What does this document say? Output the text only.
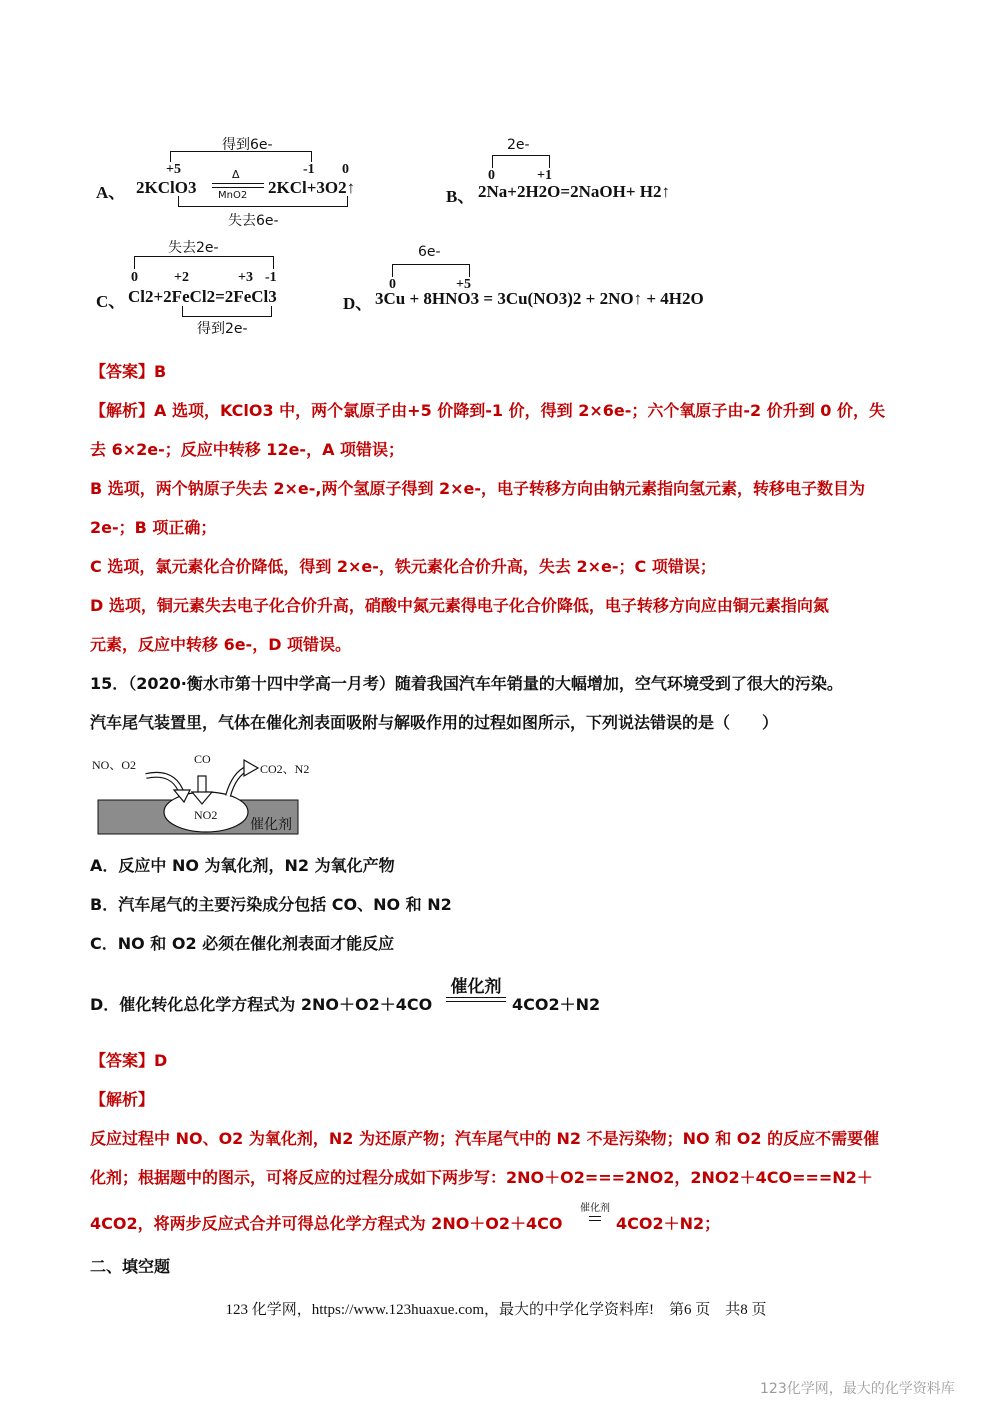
得到6e-
+5	-1 0
A、 2KClO3
Δ
MnO2 2KCl+3O2↑
失去6e-
2e-
0	+1
B、 2Na+2H2O=2NaOH+ H2↑
失去2e-
0	+2	+3 -1
C、 Cl2+2FeCl2=2FeCl3
得到2e-
6e-
0	+5
D、 3Cu + 8HNO3 = 3Cu(NO3)2 + 2NO↑ + 4H2O
【答案】B
【解析】A 选项，KClO3 中，两个氯原子由+5 价降到-1 价，得到 2×6e-；六个氧原子由-2 价升到 0 价，失
去 6×2e-；反应中转移 12e-，A 项错误；
B 选项，两个钠原子失去 2×e-,两个氢原子得到 2×e-，电子转移方向由钠元素指向氢元素，转移电子数目为
2e-；B 项正确；
C 选项，氯元素化合价降低，得到 2×e-，铁元素化合价升高，失去 2×e-；C 项错误；
D 选项，铜元素失去电子化合价升高，硝酸中氮元素得电子化合价降低，电子转移方向应由铜元素指向氮
元素，反应中转移 6e-，D 项错误。
15．（2020·衡水市第十四中学高一月考）随着我国汽车年销量的大幅增加，空气环境受到了很大的污染。
汽车尾气装置里，气体在催化剂表面吸附与解吸作用的过程如图所示，下列说法错误的是（　　）
NO、O2	CO
CO2、N2
NO2
催化剂
A．反应中 NO 为氧化剂，N2 为氧化产物
B．汽车尾气的主要污染成分包括 CO、NO 和 N2
C．NO 和 O2 必须在催化剂表面才能反应
D．催化转化总化学方程式为 2NO＋O2＋4CO
催化剂
4CO2＋N2
【答案】D
【解析】
反应过程中 NO、O2 为氧化剂，N2 为还原产物；汽车尾气中的 N2 不是污染物；NO 和 O2 的反应不需要催
化剂；根据题中的图示，可将反应的过程分成如下两步写：2NO＋O2===2NO2，2NO2＋4CO===N2＋
4CO2，将两步反应式合并可得总化学方程式为 2NO＋O2＋4CO
催化剂
4CO2＋N2；
二、填空题
123 化学网，https://www.123huaxue.com，最大的中学化学资料库!　第6 页　共8 页
123化学网，最大的化学资料库
